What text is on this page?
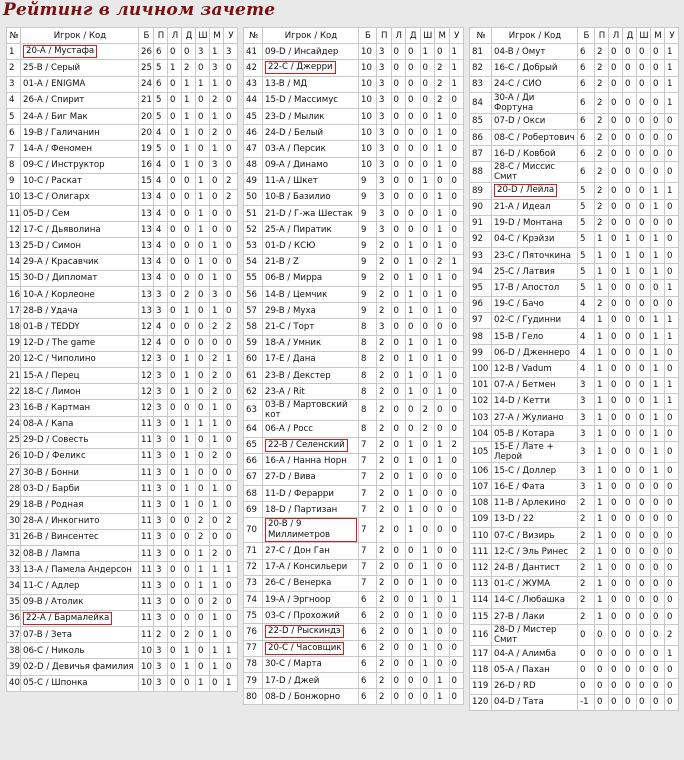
Рейтинг в личном зачете
№	Игрок / Код	Б	П	Л	Д	Ш	М	У
1	20-A / Мустафа	26	6	0	0	3	1	3
2	25-B / Серый	25	5	1	2	0	3	0
3	01-A / ENIGMA	24	6	0	1	1	1	0
4	26-A / Спирит	21	5	0	1	0	2	0
5	24-A / Биг Мак	20	5	0	1	0	1	0
6	19-B / Галичанин	20	4	0	1	0	2	0
7	14-A / Феномен	19	5	0	1	0	1	0
8	09-C / Инструктор	16	4	0	1	0	3	0
9	10-C / Раскат	15	4	0	0	1	0	2
10	13-C / Олигарх	13	4	0	0	1	0	2
11	05-D / Сем	13	4	0	0	1	0	0
12	17-C / Дьяволина	13	4	0	0	1	0	0
13	25-D / Симон	13	4	0	0	0	1	0
14	29-A / Красавчик	13	4	0	0	1	0	0
15	30-D / Дипломат	13	4	0	0	0	1	0
16	10-A / Корлеоне	13	3	0	2	0	3	0
17	28-B / Удача	13	3	0	1	0	1	0
18	01-B / TEDDY	12	4	0	0	0	2	2
19	12-D / The game	12	4	0	0	0	0	0
20	12-C / Чиполино	12	3	0	1	0	2	1
21	15-A / Перец	12	3	0	1	0	2	0
22	18-C / Лимон	12	3	0	1	0	2	0
23	16-B / Картман	12	3	0	0	0	1	0
24	08-A / Капа	11	3	0	1	1	1	0
25	29-D / Совесть	11	3	0	1	0	1	0
26	10-D / Феликс	11	3	0	1	0	2	0
27	30-B / Бонни	11	3	0	1	0	0	0
28	03-D / Барби	11	3	0	1	0	1	0
29	18-B / Родная	11	3	0	1	0	1	0
30	28-A / Инкогнито	11	3	0	0	2	0	2
31	26-B / Винсентес	11	3	0	0	2	0	0
32	08-B / Лампа	11	3	0	0	1	2	0
33	13-A / Памела Андерсон	11	3	0	0	1	1	1
34	11-C / Адлер	11	3	0	0	1	1	0
35	09-B / Атолик	11	3	0	0	0	2	0
36	22-A / Бармалейка	11	3	0	0	0	1	0
37	07-B / Зета	11	2	0	2	0	1	0
38	06-C / Николь	10	3	0	1	0	1	1
39	02-D / Девичья фамилия	10	3	0	1	0	1	0
40	05-C / Шпонка	10	3	0	0	1	0	1
№	Игрок / Код	Б	П	Л	Д	Ш	М	У
41	09-D / Инсайдер	10	3	0	0	1	0	1
42	22-C / Джерри	10	3	0	0	0	2	1
43	13-B / МД	10	3	0	0	0	2	1
44	15-D / Массимус	10	3	0	0	0	2	0
45	23-D / Мылик	10	3	0	0	0	1	0
46	24-D / Белый	10	3	0	0	0	1	0
47	03-A / Персик	10	3	0	0	0	1	0
48	09-A / Динамо	10	3	0	0	0	1	0
49	11-A / Шкет	9	3	0	0	1	0	0
50	10-B / Базилио	9	3	0	0	0	1	0
51	21-D / Г-жа Шестак	9	3	0	0	0	1	0
52	25-A / Пиратик	9	3	0	0	0	1	0
53	01-D / КСЮ	9	2	0	1	0	1	0
54	21-B / Z	9	2	0	1	0	2	1
55	06-B / Мирра	9	2	0	1	0	1	0
56	14-B / Цемчик	9	2	0	1	0	1	0
57	29-B / Муха	9	2	0	1	0	1	0
58	21-C / Торт	8	3	0	0	0	0	0
59	18-A / Умник	8	2	0	1	0	1	0
60	17-E / Дана	8	2	0	1	0	1	0
61	23-B / Декстер	8	2	0	1	0	1	0
62	23-A / Rit	8	2	0	1	0	1	0
63	03-B / Мартовский кот	8	2	0	0	2	0	0
64	06-A / Росс	8	2	0	0	2	0	0
65	22-B / Селенский	7	2	0	1	0	1	2
66	16-A / Нанна Норн	7	2	0	1	0	1	0
67	27-D / Вива	7	2	0	1	0	0	0
68	11-D / Ферарри	7	2	0	1	0	0	0
69	18-D / Партизан	7	2	0	1	0	0	0
70	20-B / 9 Миллиметров	7	2	0	1	0	0	0
71	27-C / Дон Ган	7	2	0	0	1	0	0
72	17-A / Консильери	7	2	0	0	1	0	0
73	26-C / Венерка	7	2	0	0	1	0	0
74	19-A / Эргноор	6	2	0	0	1	0	1
75	03-C / Прохожий	6	2	0	0	1	0	0
76	22-D / Рыскиндэ	6	2	0	0	1	0	0
77	20-C / Часовщик	6	2	0	0	1	0	0
78	30-C / Марта	6	2	0	0	1	0	0
79	17-D / Джей	6	2	0	0	0	1	0
80	08-D / Бонжорно	6	2	0	0	0	1	0
№	Игрок / Код	Б	П	Л	Д	Ш	М	У
81	04-B / Омут	6	2	0	0	0	0	1
82	16-C / Добрый	6	2	0	0	0	0	1
83	24-C / СИО	6	2	0	0	0	0	1
84	30-A / Ди Фортуна	6	2	0	0	0	0	1
85	07-D / Окси	6	2	0	0	0	0	0
86	08-C / Робертович	6	2	0	0	0	0	0
87	16-D / Ковбой	6	2	0	0	0	0	0
88	28-C / Миссис Смит	6	2	0	0	0	0	0
89	20-D / Лейла	5	2	0	0	0	1	1
90	21-A / Идеал	5	2	0	0	0	1	0
91	19-D / Монтана	5	2	0	0	0	0	0
92	04-C / Крэйзи	5	1	0	1	0	1	0
93	23-C / Пяточкина	5	1	0	1	0	1	0
94	25-C / Латвия	5	1	0	1	0	1	0
95	17-B / Апостол	5	1	0	0	0	0	1
96	19-C / Бачо	4	2	0	0	0	0	0
97	02-C / Гудинни	4	1	0	0	0	1	1
98	15-B / Гело	4	1	0	0	0	1	1
99	06-D / Дженнеро	4	1	0	0	0	1	0
100	12-B / Vadum	4	1	0	0	0	1	0
101	07-A / Бетмен	3	1	0	0	0	1	1
102	14-D / Кетти	3	1	0	0	0	1	1
103	27-A / Жулиано	3	1	0	0	0	1	0
104	05-B / Котара	3	1	0	0	0	1	0
105	15-E / Лате + Лерой	3	1	0	0	0	1	0
106	15-C / Доллер	3	1	0	0	0	1	0
107	16-E / Фата	3	1	0	0	0	0	0
108	11-B / Арлекино	2	1	0	0	0	0	0
109	13-D / 22	2	1	0	0	0	0	0
110	07-C / Визирь	2	1	0	0	0	0	0
111	12-C / Эль Ринес	2	1	0	0	0	0	0
112	24-B / Дантист	2	1	0	0	0	0	0
113	01-C / ЖУМА	2	1	0	0	0	0	0
114	14-C / Любашка	2	1	0	0	0	0	0
115	27-B / Лаки	2	1	0	0	0	0	0
116	28-D / Мистер Смит	0	0	0	0	0	0	2
117	04-A / Алимба	0	0	0	0	0	0	1
118	05-A / Пахан	0	0	0	0	0	0	0
119	26-D / RD	0	0	0	0	0	0	0
120	04-D / Тата	-1	0	0	0	0	0	0
